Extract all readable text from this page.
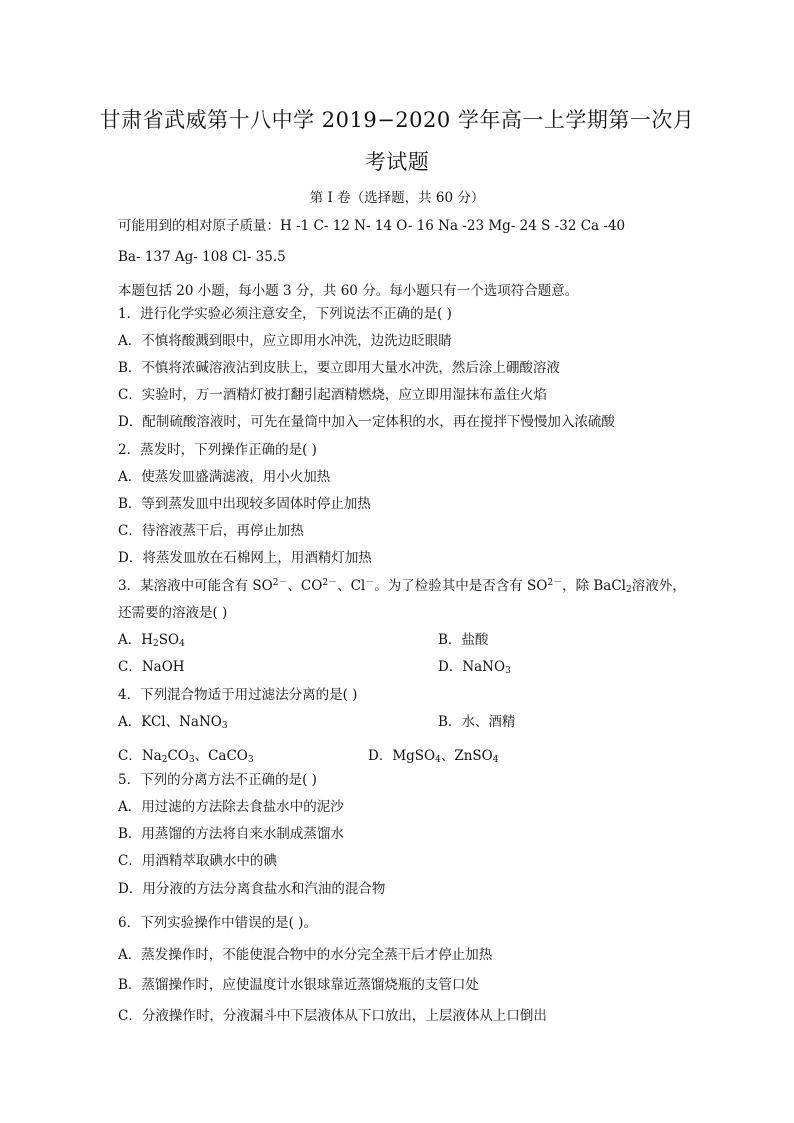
甘肃省武威第十八中学 2019−2020 学年高一上学期第一次月
考试题
第 I 卷（选择题，共 60 分）
可能用到的相对原子质量：H -1 C- 12 N- 14 O- 16 Na -23 Mg- 24 S -32 Ca -40
Ba- 137 Ag- 108 Cl- 35.5
本题包括 20 小题，每小题 3 分，共 60 分。每小题只有一个选项符合题意。
1．进行化学实验必须注意安全，下列说法不正确的是( )
A．不慎将酸溅到眼中，应立即用水冲洗，边洗边眨眼睛
B．不慎将浓碱溶液沾到皮肤上，要立即用大量水冲洗，然后涂上硼酸溶液
C．实验时，万一酒精灯被打翻引起酒精燃烧，应立即用湿抹布盖住火焰
D．配制硫酸溶液时，可先在量筒中加入一定体积的水，再在搅拌下慢慢加入浓硫酸
2．蒸发时，下列操作正确的是( )
A．使蒸发皿盛满滤液，用小火加热
B．等到蒸发皿中出现较多固体时停止加热
C．待溶液蒸干后，再停止加热
D．将蒸发皿放在石棉网上，用酒精灯加热
3．某溶液中可能含有 $SO^{2-}$、$CO^{2-}$、Cl－。为了检验其中是否含有 $SO^{2-}$，除 BaCl$_2$溶液外，
还需要的溶液是( )
A．$H_2SO_4$	B．盐酸
C．NaOH	D．NaNO$_3$
4．下列混合物适于用过滤法分离的是( )
A．KCl、NaNO$_3$	B．水、酒精
C．$Na_2CO_3$、CaCO$_3$	D．MgSO$_4$、ZnSO$_4$
5．下列的分离方法不正确的是( )
A．用过滤的方法除去食盐水中的泥沙
B．用蒸馏的方法将自来水制成蒸馏水
C．用酒精萃取碘水中的碘
D．用分液的方法分离食盐水和汽油的混合物
6．下列实验操作中错误的是( )。
A．蒸发操作时，不能使混合物中的水分完全蒸干后才停止加热
B．蒸馏操作时，应使温度计水银球靠近蒸馏烧瓶的支管口处
C．分液操作时，分液漏斗中下层液体从下口放出，上层液体从上口倒出
